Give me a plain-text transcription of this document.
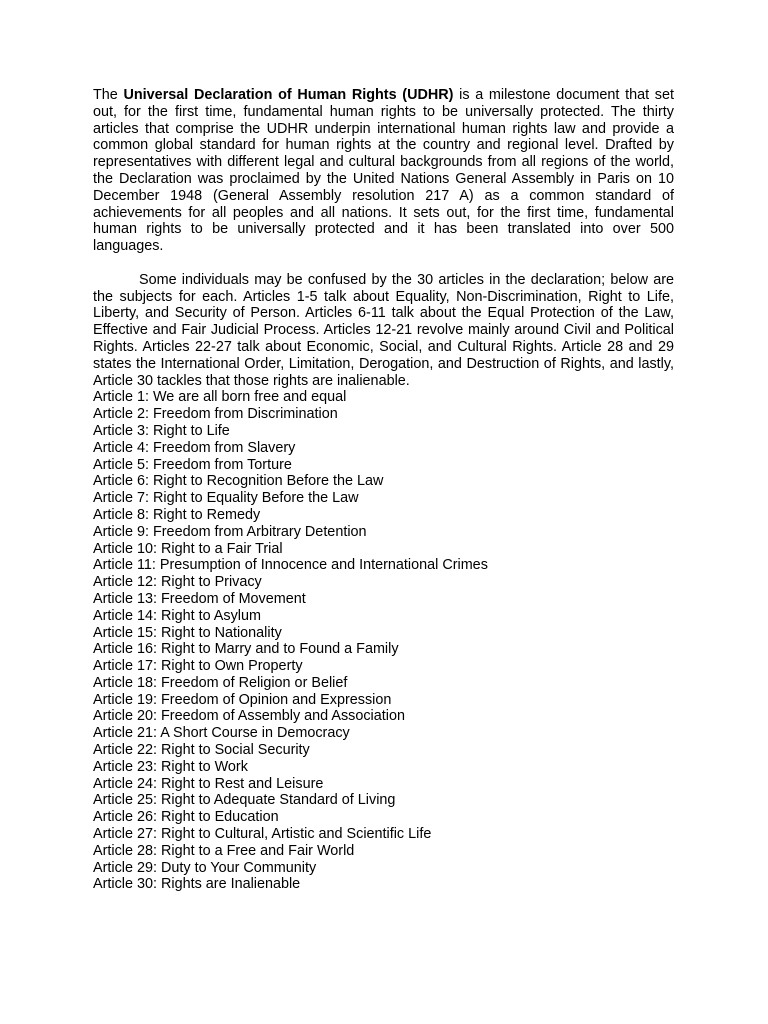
The Universal Declaration of Human Rights (UDHR) is a milestone document that set out, for the first time, fundamental human rights to be universally protected. The thirty articles that comprise the UDHR underpin international human rights law and provide a common global standard for human rights at the country and regional level. Drafted by representatives with different legal and cultural backgrounds from all regions of the world, the Declaration was proclaimed by the United Nations General Assembly in Paris on 10 December 1948 (General Assembly resolution 217 A) as a common standard of achievements for all peoples and all nations. It sets out, for the first time, fundamental human rights to be universally protected and it has been translated into over 500 languages.

Some individuals may be confused by the 30 articles in the declaration; below are the subjects for each. Articles 1-5 talk about Equality, Non-Discrimination, Right to Life, Liberty, and Security of Person. Articles 6-11 talk about the Equal Protection of the Law, Effective and Fair Judicial Process. Articles 12-21 revolve mainly around Civil and Political Rights. Articles 22-27 talk about Economic, Social, and Cultural Rights. Article 28 and 29 states the International Order, Limitation, Derogation, and Destruction of Rights, and lastly, Article 30 tackles that those rights are inalienable.

Article 1: We are all born free and equal
Article 2: Freedom from Discrimination
Article 3: Right to Life
Article 4: Freedom from Slavery
Article 5: Freedom from Torture
Article 6: Right to Recognition Before the Law
Article 7: Right to Equality Before the Law
Article 8: Right to Remedy
Article 9: Freedom from Arbitrary Detention
Article 10: Right to a Fair Trial
Article 11: Presumption of Innocence and International Crimes
Article 12: Right to Privacy
Article 13: Freedom of Movement
Article 14: Right to Asylum
Article 15: Right to Nationality
Article 16: Right to Marry and to Found a Family
Article 17: Right to Own Property
Article 18: Freedom of Religion or Belief
Article 19: Freedom of Opinion and Expression
Article 20: Freedom of Assembly and Association
Article 21: A Short Course in Democracy
Article 22: Right to Social Security
Article 23: Right to Work
Article 24: Right to Rest and Leisure
Article 25: Right to Adequate Standard of Living
Article 26: Right to Education
Article 27: Right to Cultural, Artistic and Scientific Life
Article 28: Right to a Free and Fair World
Article 29: Duty to Your Community
Article 30: Rights are Inalienable
